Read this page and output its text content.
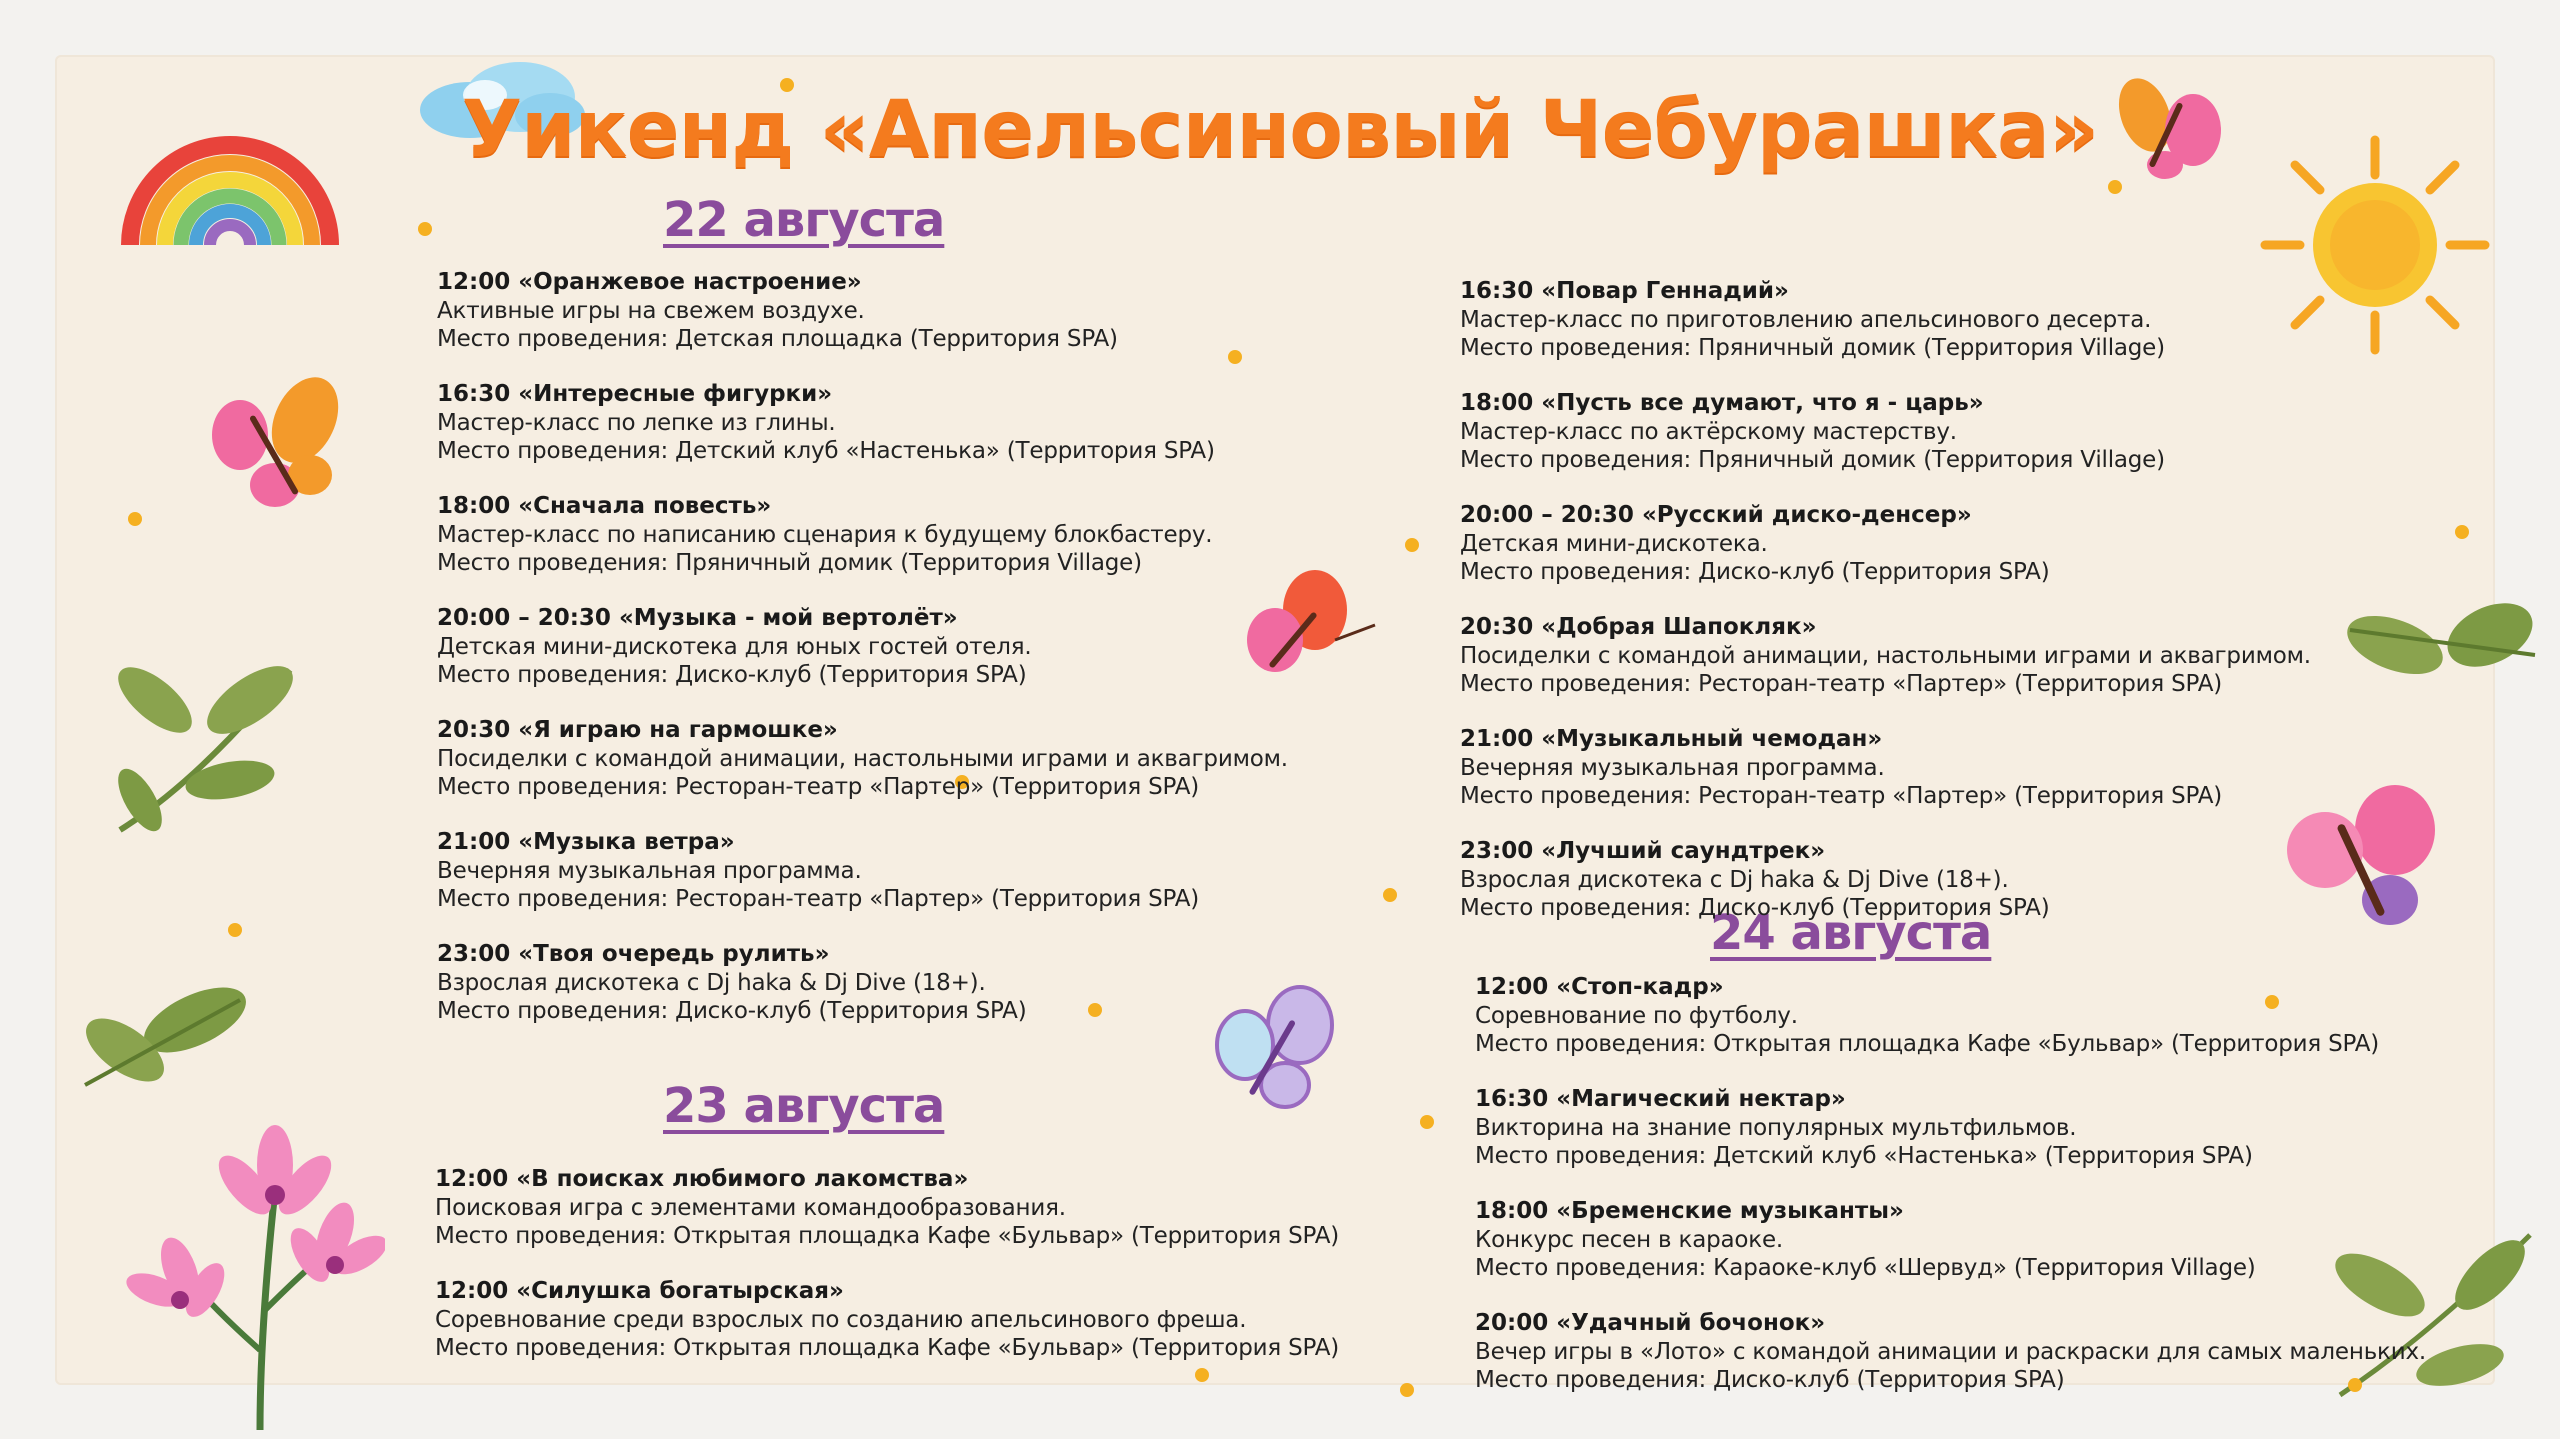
Уикенд «Апельсиновый Чебурашка»
22 августа
23 августа
24 августа
12:00 «Оранжевое настроение»
Активные игры на свежем воздухе.
Место проведения: Детская площадка (Территория SPA)
16:30 «Интересные фигурки»
Мастер-класс по лепке из глины.
Место проведения: Детский клуб «Настенька» (Территория SPA)
18:00 «Сначала повесть»
Мастер-класс по написанию сценария к будущему блокбастеру.
Место проведения: Пряничный домик (Территория Village)
20:00 – 20:30 «Музыка - мой вертолёт»
Детская мини-дискотека для юных гостей отеля.
Место проведения: Диско-клуб (Территория SPA)
20:30 «Я играю на гармошке»
Посиделки с командой анимации, настольными играми и аквагримом.
Место проведения: Ресторан-театр «Партер» (Территория SPA)
21:00 «Музыка ветра»
Вечерняя музыкальная программа.
Место проведения: Ресторан-театр «Партер» (Территория SPA)
23:00 «Твоя очередь рулить»
Взрослая дискотека с Dj haka & Dj Dive (18+).
Место проведения: Диско-клуб (Территория SPA)
12:00 «В поисках любимого лакомства»
Поисковая игра с элементами командообразования.
Место проведения: Открытая площадка Кафе «Бульвар» (Территория SPA)
12:00 «Силушка богатырская»
Соревнование среди взрослых по созданию апельсинового фреша.
Место проведения: Открытая площадка Кафе «Бульвар» (Территория SPA)
16:30 «Повар Геннадий»
Мастер-класс по приготовлению апельсинового десерта.
Место проведения: Пряничный домик (Территория Village)
18:00 «Пусть все думают, что я - царь»
Мастер-класс по актёрскому мастерству.
Место проведения: Пряничный домик (Территория Village)
20:00 – 20:30 «Русский диско-денсер»
Детская мини-дискотека.
Место проведения: Диско-клуб (Территория SPA)
20:30 «Добрая Шапокляк»
Посиделки с командой анимации, настольными играми и аквагримом.
Место проведения: Ресторан-театр «Партер» (Территория SPA)
21:00 «Музыкальный чемодан»
Вечерняя музыкальная программа.
Место проведения: Ресторан-театр «Партер» (Территория SPA)
23:00 «Лучший саундтрек»
Взрослая дискотека с Dj haka & Dj Dive (18+).
Место проведения: Диско-клуб (Территория SPA)
12:00 «Стоп-кадр»
Соревнование по футболу.
Место проведения: Открытая площадка Кафе «Бульвар» (Территория SPA)
16:30 «Магический нектар»
Викторина на знание популярных мультфильмов.
Место проведения: Детский клуб «Настенька» (Территория SPA)
18:00 «Бременские музыканты»
Конкурс песен в караоке.
Место проведения: Караоке-клуб «Шервуд» (Территория Village)
20:00 «Удачный бочонок»
Вечер игры в «Лото» с командой анимации и раскраски для самых маленьких.
Место проведения: Диско-клуб (Территория SPA)
